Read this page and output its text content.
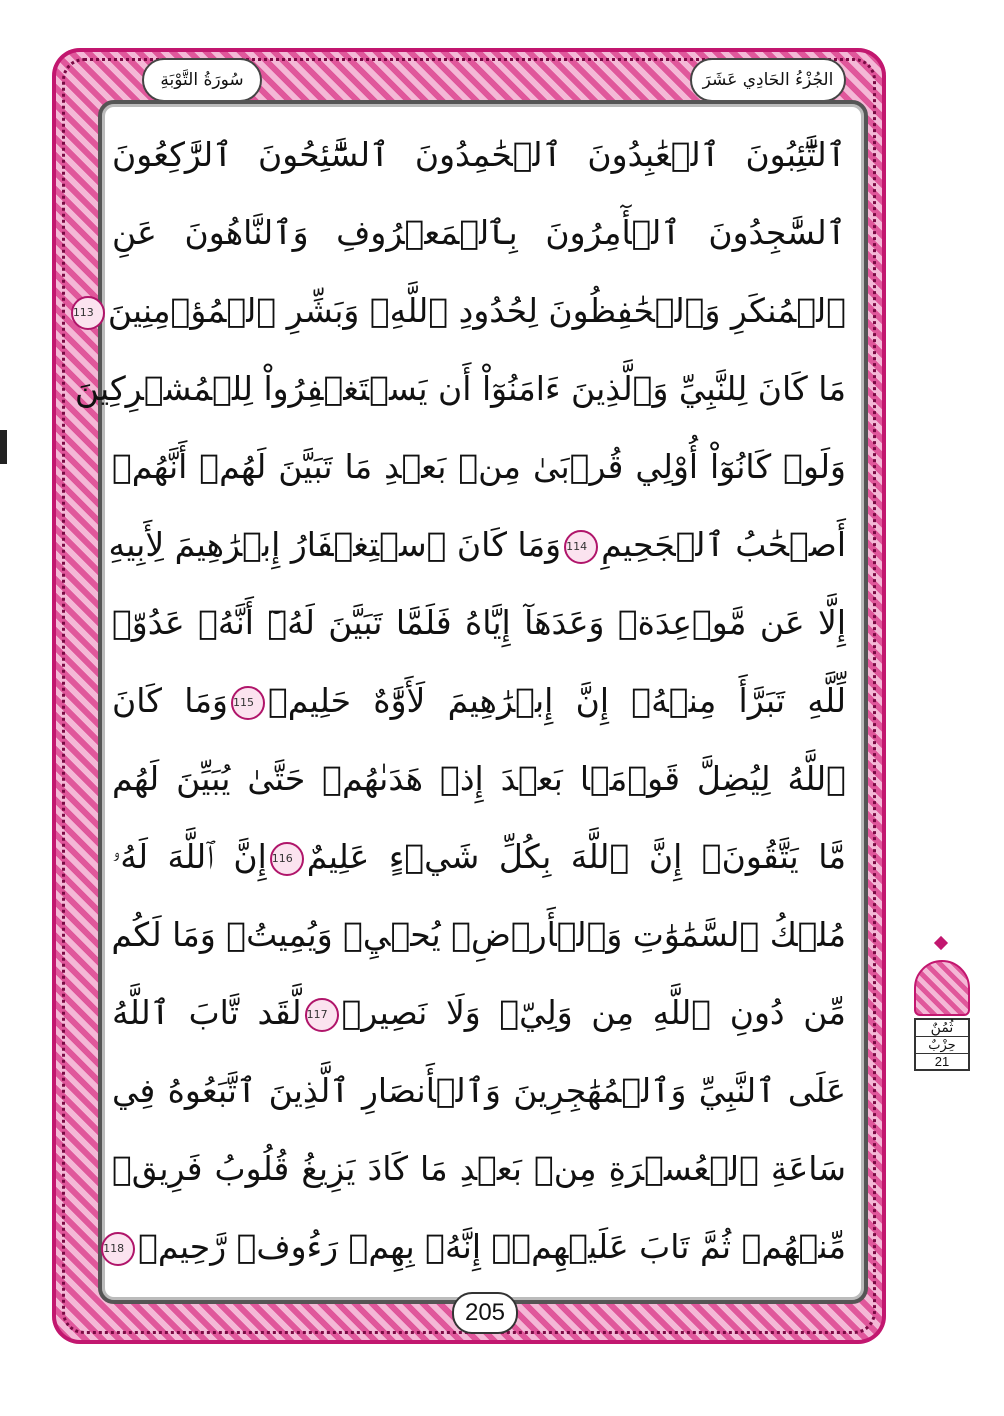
الجُزْءُ الحَادِي عَشَرَ
سُورَةُ التَّوْبَةِ
ٱلتَّٰٓئِبُونَ ٱلۡعَٰبِدُونَ ٱلۡحَٰمِدُونَ ٱلسَّٰٓئِحُونَ ٱلرَّٰكِعُونَ
ٱلسَّٰجِدُونَ ٱلۡأٓمِرُونَ بِٱلۡمَعۡرُوفِ وَٱلنَّاهُونَ عَنِ
ٱلۡمُنكَرِ وَٱلۡحَٰفِظُونَ لِحُدُودِ ٱللَّهِۗ وَبَشِّرِ ٱلۡمُؤۡمِنِينَ113
مَا كَانَ لِلنَّبِيِّ وَٱلَّذِينَ ءَامَنُوٓاْ أَن يَسۡتَغۡفِرُواْ لِلۡمُشۡرِكِينَ
وَلَوۡ كَانُوٓاْ أُوْلِي قُرۡبَىٰ مِنۢ بَعۡدِ مَا تَبَيَّنَ لَهُمۡ أَنَّهُمۡ
أَصۡحَٰبُ ٱلۡجَحِيمِ114وَمَا كَانَ ٱسۡتِغۡفَارُ إِبۡرَٰهِيمَ لِأَبِيهِ
إِلَّا عَن مَّوۡعِدَةٖ وَعَدَهَآ إِيَّاهُ فَلَمَّا تَبَيَّنَ لَهُۥٓ أَنَّهُۥ عَدُوّٞ
لِّلَّهِ تَبَرَّأَ مِنۡهُۚ إِنَّ إِبۡرَٰهِيمَ لَأَوَّٰهٌ حَلِيمٞ115وَمَا كَانَ
ٱللَّهُ لِيُضِلَّ قَوۡمَۢا بَعۡدَ إِذۡ هَدَىٰهُمۡ حَتَّىٰ يُبَيِّنَ لَهُم
مَّا يَتَّقُونَۚ إِنَّ ٱللَّهَ بِكُلِّ شَيۡءٍ عَلِيمٌ116إِنَّ ٱللَّهَ لَهُۥ
مُلۡكُ ٱلسَّمَٰوَٰتِ وَٱلۡأَرۡضِۖ يُحۡيِۦ وَيُمِيتُۚ وَمَا لَكُم
مِّن دُونِ ٱللَّهِ مِن وَلِيّٖ وَلَا نَصِيرٖ117لَّقَد تَّابَ ٱللَّهُ
عَلَى ٱلنَّبِيِّ وَٱلۡمُهَٰجِرِينَ وَٱلۡأَنصَارِ ٱلَّذِينَ ٱتَّبَعُوهُ فِي
سَاعَةِ ٱلۡعُسۡرَةِ مِنۢ بَعۡدِ مَا كَادَ يَزِيغُ قُلُوبُ فَرِيقٖ
مِّنۡهُمۡ ثُمَّ تَابَ عَلَيۡهِمۡۚ إِنَّهُۥ بِهِمۡ رَءُوفٞ رَّحِيمٞ118
205
ثُمُنٌ
حِزْبٌ
21
